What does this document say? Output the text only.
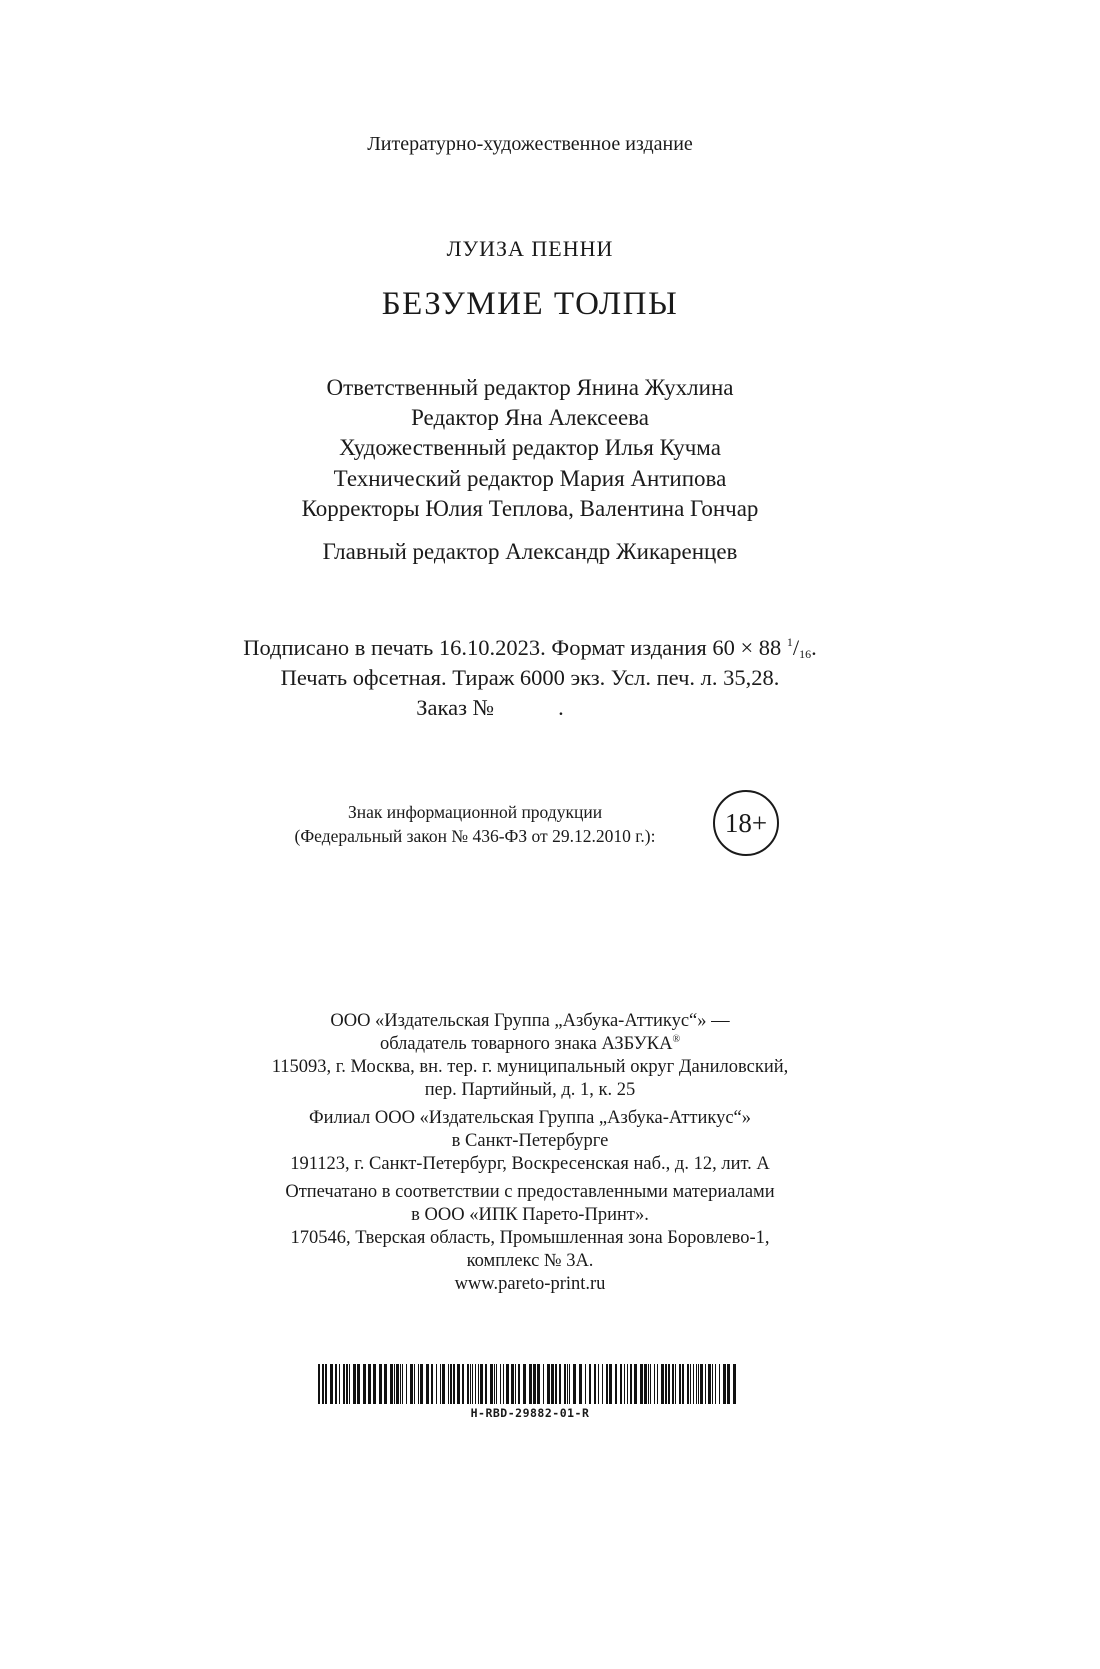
Литературно-художественное издание
ЛУИЗА ПЕННИ
БЕЗУМИЕ ТОЛПЫ
Ответственный редактор Янина Жухлина
Редактор Яна Алексеева
Художественный редактор Илья Кучма
Технический редактор Мария Антипова
Корректоры Юлия Теплова, Валентина Гончар
Главный редактор Александр Жикаренцев
Подписано в печать 16.10.2023. Формат издания 60 × 88 $^1/_{16}$.
Печать офсетная. Тираж 6000 экз. Усл. печ. л. 35,28.
Заказ №	.
Знак информационной продукции
(Федеральный закон № 436-ФЗ от 29.12.2010 г.):	18+
ООО «Издательская Группа „Азбука-Аттикус“» —
обладатель товарного знака АЗБУКА®
115093, г. Москва, вн. тер. г. муниципальный округ Даниловский,
пер. Партийный, д. 1, к. 25
Филиал ООО «Издательская Группа „Азбука-Аттикус“»
в Санкт-Петербурге
191123, г. Санкт-Петербург, Воскресенская наб., д. 12, лит. А
Отпечатано в соответствии с предоставленными материалами
в ООО «ИПК Парето-Принт».
170546, Тверская область, Промышленная зона Боровлево-1,
комплекс № 3А.
www.pareto-print.ru
H-RBD-29882-01-R
